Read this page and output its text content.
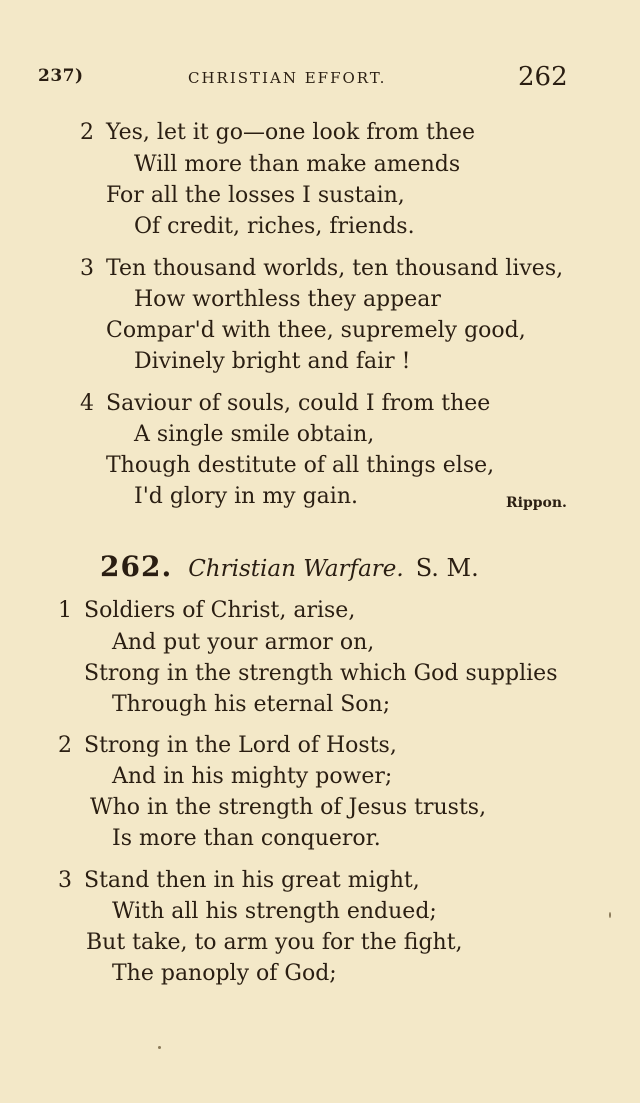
237)	CHRISTIAN EFFORT.	262
2 Yes, let it go—one look from thee
Will more than make amends
For all the losses I sustain,
Of credit, riches, friends.
3 Ten thousand worlds, ten thousand lives,
How worthless they appear
Compar'd with thee, supremely good,
Divinely bright and fair !
4 Saviour of souls, could I from thee
A single smile obtain,
Though destitute of all things else,
I'd glory in my gain.	Rippon.
262. Christian Warfare. S. M.
1 Soldiers of Christ, arise,
And put your armor on,
Strong in the strength which God supplies
Through his eternal Son;
2 Strong in the Lord of Hosts,
And in his mighty power;
Who in the strength of Jesus trusts,
Is more than conqueror.
3 Stand then in his great might,
With all his strength endued;
But take, to arm you for the fight,
The panoply of God;
